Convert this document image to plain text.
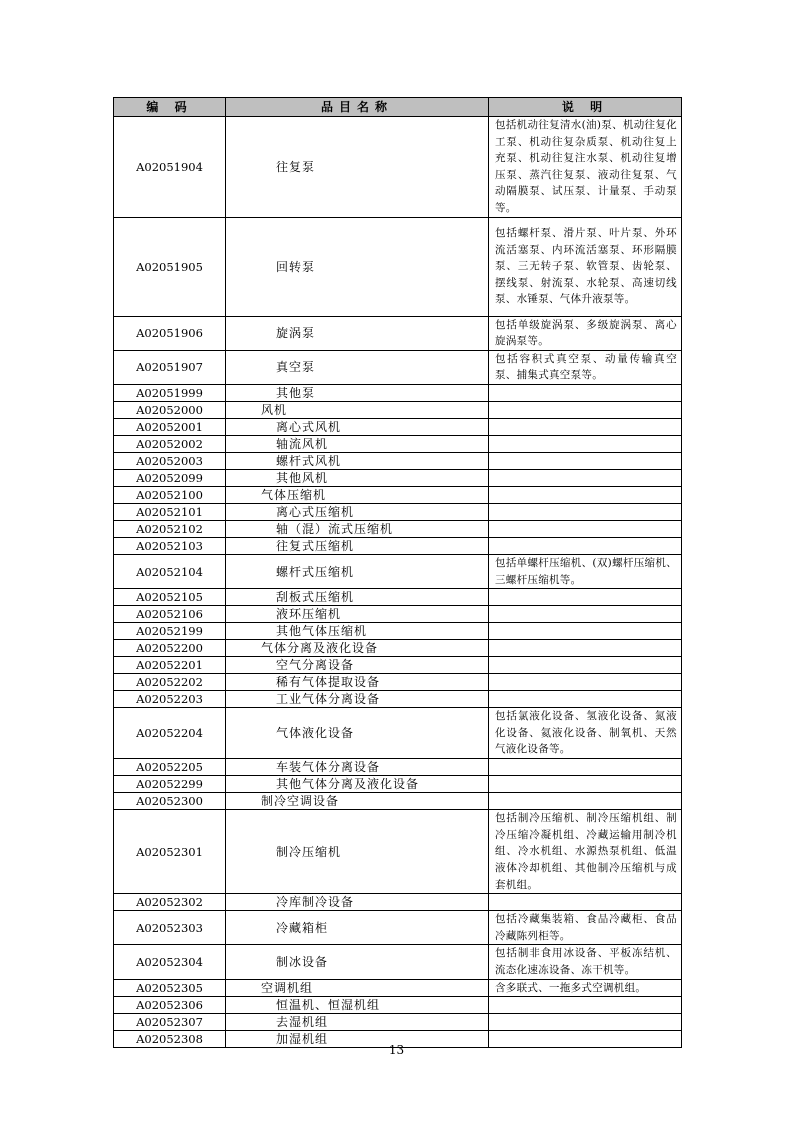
编 码	品目名称	说 明
A02051904	往复泵	包括机动往复清水(油)泵、机动往复化工泵、机动往复杂质泵、机动往复上充泵、机动往复注水泵、机动往复增压泵、蒸汽往复泵、液动往复泵、气动隔膜泵、试压泵、计量泵、手动泵等。
A02051905	回转泵	包括螺杆泵、滑片泵、叶片泵、外环流活塞泵、内环流活塞泵、环形隔膜泵、三无转子泵、软管泵、齿轮泵、摆线泵、射流泵、水轮泵、高速切线泵、水锤泵、气体升液泵等。
A02051906	旋涡泵	包括单级旋涡泵、多级旋涡泵、离心旋涡泵等。
A02051907	真空泵	包括容积式真空泵、动量传输真空泵、捕集式真空泵等。
A02051999	其他泵	

A02052000	风机	

A02052001	离心式风机	

A02052002	轴流风机	

A02052003	螺杆式风机	

A02052099	其他风机	

A02052100	气体压缩机	

A02052101	离心式压缩机	

A02052102	轴（混）流式压缩机	

A02052103	往复式压缩机	

A02052104	螺杆式压缩机	包括单螺杆压缩机、(双)螺杆压缩机、三螺杆压缩机等。
A02052105	刮板式压缩机	

A02052106	液环压缩机	

A02052199	其他气体压缩机	

A02052200	气体分离及液化设备	

A02052201	空气分离设备	

A02052202	稀有气体提取设备	

A02052203	工业气体分离设备	

A02052204	气体液化设备	包括氯液化设备、氢液化设备、氮液化设备、氦液化设备、制氧机、天然气液化设备等。
A02052205	车装气体分离设备	

A02052299	其他气体分离及液化设备	

A02052300	制冷空调设备	

A02052301	制冷压缩机	包括制冷压缩机、制冷压缩机组、制冷压缩冷凝机组、冷藏运输用制冷机组、冷水机组、水源热泵机组、低温液体冷却机组、其他制冷压缩机与成套机组。
A02052302	冷库制冷设备	

A02052303	冷藏箱柜	包括冷藏集装箱、食品冷藏柜、食品冷藏陈列柜等。
A02052304	制冰设备	包括制非食用冰设备、平板冻结机、流态化速冻设备、冻干机等。
A02052305	空调机组	含多联式、一拖多式空调机组。
A02052306	恒温机、恒湿机组	

A02052307	去湿机组	

A02052308	加湿机组	

13
